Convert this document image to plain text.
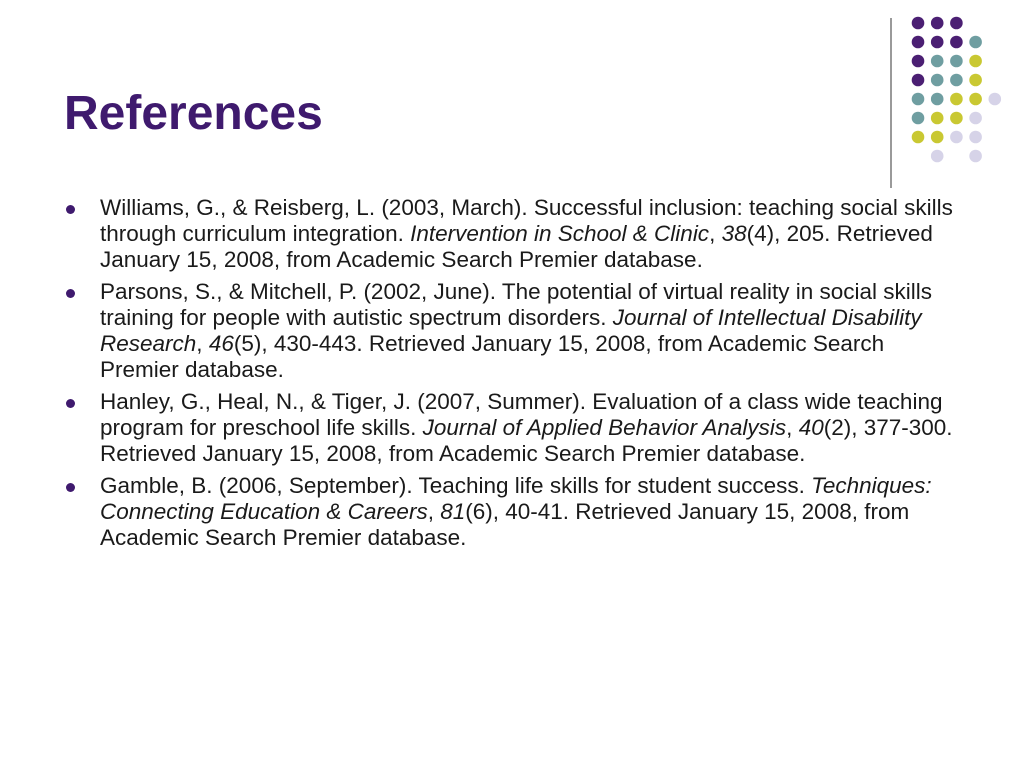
References
Williams, G., & Reisberg, L. (2003, March). Successful inclusion: teaching social skills through curriculum integration. Intervention in School & Clinic, 38(4), 205. Retrieved January 15, 2008, from Academic Search Premier database.
Parsons, S., & Mitchell, P. (2002, June). The potential of virtual reality in social skills training for people with autistic spectrum disorders. Journal of Intellectual Disability Research, 46(5), 430-443. Retrieved January 15, 2008, from Academic Search Premier database.
Hanley, G., Heal, N., & Tiger, J. (2007, Summer). Evaluation of a class wide teaching program for preschool life skills. Journal of Applied Behavior Analysis, 40(2), 377-300. Retrieved January 15, 2008, from Academic Search Premier database.
Gamble, B. (2006, September). Teaching life skills for student success. Techniques: Connecting Education & Careers, 81(6), 40-41. Retrieved January 15, 2008, from Academic Search Premier database.
